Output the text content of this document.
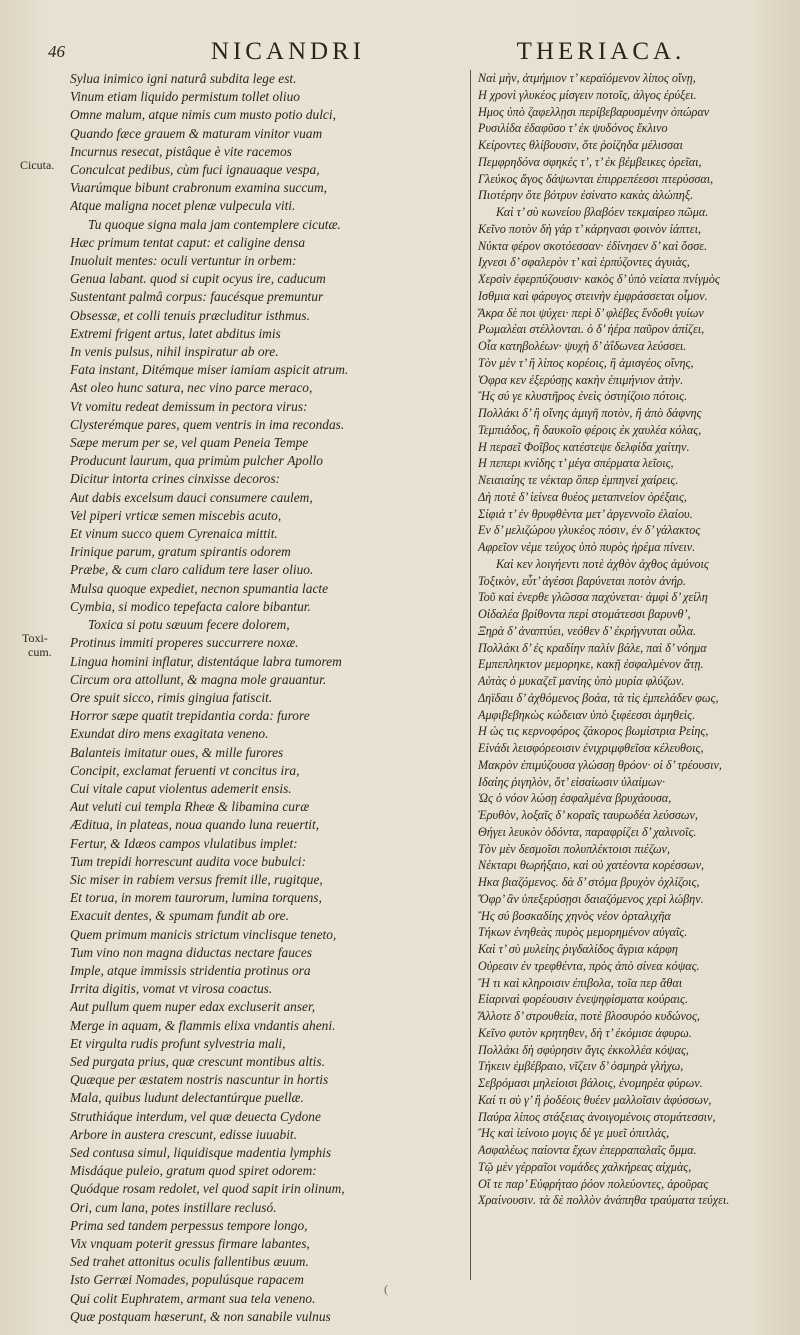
46	NICANDRI	THERIACA.
Cicuta.
Toxi-
cum.
Sylua inimico igni naturâ subdita lege est.
Vinum etiam liquido permistum tollet oliuo
Omne malum, atque nimis cum musto potio dulci,
Quando fæce grauem & maturam vinitor vuam
Incurnus resecat, pistâque è vite racemos
Conculcat pedibus, cùm fuci ignauaque vespa,
Vuarúmque bibunt crabronum examina succum,
Atque maligna nocet plenæ vulpecula viti.
Tu quoque signa mala jam contemplere cicutæ.
Hæc primum tentat caput: et caligine densa
Inuoluit mentes: oculi vertuntur in orbem:
Genua labant. quod si cupit ocyus ire, caducum
Sustentant palmâ corpus: faucésque premuntur
Obsessæ, et colli tenuis præcluditur isthmus.
Extremi frigent artus, latet abditus imis
In venis pulsus, nihil inspiratur ab ore.
Fata instant, Ditémque miser iamiam aspicit atrum.
Ast oleo hunc satura, nec vino parce meraco,
Vt vomitu redeat demissum in pectora virus:
Clysterémque pares, quem ventris in ima recondas.
Sæpe merum per se, vel quam Peneia Tempe
Producunt laurum, qua primùm pulcher Apollo
Dicitur intorta crines cinxisse decoros:
Aut dabis excelsum dauci consumere caulem,
Vel piperi vrticæ semen miscebis acuto,
Et vinum succo quem Cyrenaica mittit.
Irinique parum, gratum spirantis odorem
Præbe, & cum claro calidum tere laser oliuo.
Mulsa quoque expediet, necnon spumantia lacte
Cymbia, si modico tepefacta calore bibantur.
Toxica si potu sæuum fecere dolorem,
Protinus immiti properes succurrere noxæ.
Lingua homini inflatur, distentáque labra tumorem
Circum ora attollunt, & magna mole grauantur.
Ore spuit sicco, rimis gingiua fatiscit.
Horror sæpe quatit trepidantia corda: furore
Exundat diro mens exagitata veneno.
Balanteis imitatur oues, & mille furores
Concipit, exclamat feruenti vt concitus ira,
Cui vitale caput violentus ademerit ensis.
Aut veluti cui templa Rheæ & libamina curæ
Æditua, in plateas, noua quando luna reuertit,
Fertur, & Idæos campos vlulatibus implet:
Tum trepidi horrescunt audita voce bubulci:
Sic miser in rabiem versus fremit ille, rugitque,
Et torua, in morem taurorum, lumina torquens,
Exacuit dentes, & spumam fundit ab ore.
Quem primum manicis strictum vinclisque teneto,
Tum vino non magna diductas nectare fauces
Imple, atque immissis stridentia protinus ora
Irrita digitis, vomat vt virosa coactus.
Aut pullum quem nuper edax excluserit anser,
Merge in aquam, & flammis elixa vndantis aheni.
Et virgulta rudis profunt sylvestria mali,
Sed purgata prius, quæ crescunt montibus altis.
Quæque per æstatem nostris nascuntur in hortis
Mala, quibus ludunt delectantúrque puellæ.
Struthiáque interdum, vel quæ deuecta Cydone
Arbore in austera crescunt, edisse iuuabit.
Sed contusa simul, liquidisque madentia lymphis
Misdáque puleio, gratum quod spiret odorem:
Quódque rosam redolet, vel quod sapit irin olinum,
Ori, cum lana, potes instillare reclusó.
Prima sed tandem perpessus tempore longo,
Vix vnquam poterit gressus firmare labantes,
Sed trahet attonitus oculis fallentibus æuum.
Isto Gerræi Nomades, populúsque rapacem
Qui colit Euphratem, armant sua tela veneno.
Quæ postquam hæserunt, & non sanabile vulnus
Ναὶ μὴν, ἀτμήμιον τ’ κεραϊόμενον λίπος οἴνῃ,
Η χρονὶ γλυκέος μίσγειν ποτοῖς, ἀλγος ἐρύξει.
Ημος ὑπὸ ζαφελλῃσι περίβεβαρυσμένην ὀπώραν
Ρυσιλίδα ἐδαφῦσο τ’ ἐκ ψυδόνος ἔκλινο
Κείροντες θλίβουσιν, ὅτε ῥοίζηδα μέλισσαι
Πεμφρηδόνα σφηκές τ’, τ’ ἐκ βέμβεικες ὀρεῖαι,
Γλεύκος ἄγος δάψωνται ἐπιρρεπέεσσι πτερύσσαι,
Πιοτέρην ὅτε βότρυν ἐσίνατο κακὰς ἀλώπηξ.
Καὶ τ’ σὺ κωνείου βλαβόεν τεκμαίρεο πῶμα.
Κεῖνο ποτὸν δὴ γάρ τ’ κάρηνασι φοινὸν ἰάπτει,
Νύκτα φέρον σκοτόεσσαν· ἐδίνησεν δ’ καὶ ὄσσε.
Ιχνεσι δ’ σφαλερὸν τ’ καὶ ἑρπύζοντες ἀγυιὰς,
Χερσὶν ἐφερπύζουσιν· κακὸς δ’ ὑπὸ νείατα πνίγμὸς
Ισθμια καὶ φάρυγος στεινὴν ἐμφράσσεται οἶμον.
Ἄκρα δὲ ποι ψύχει· περὶ δ’ φλέβες ἔνδοθι γυίων
Ρωμαλέαι στέλλονται. ὁ δ’ ἠέρα παῦρον ἀπίζει,
Οἷα κατηβολέων· ψυχὴ δ’ ἀΐδωνεα λεύσσει.
Τὸν μὲν τ’ ἢ λίπος κορέοις, ἢ ἀμισγέος οἴνης,
Ὀφρα κεν ἐξερύσῃς κακὴν ἐπιμήνιον ἀτὴν.
Ἢς σύ γε κλυστῆρος ἐνεὶς ὀστηίζοιο πότοις.
Πολλάκι δ’ ἢ οἴνης ἀμιγῆ ποτὸν, ἢ ἀπὸ δάφνης
Τεμπιάδος, ἢ δαυκοῖο φέροις ἐκ χαυλέα κόλας,
Η περσεῖ Φοῖβος κατέστεψε δελφίδα χαίτην.
Η πεπερι κνίδης τ’ μέγα σπέρματα λεῖοις,
Νειαιαίης τε νέκταρ ὅπερ ἐμπηνεὶ χαίρεις.
Δὴ ποτὲ δ’ ἰείνεα θυέος μεταπνείον ὀρέξαις,
Σίφιά τ’ ἐν θρυφθέντα μετ’ ἀργεννοῖο ἐλαίου.
Εν δ’ μελιζώρου γλυκέος πόσιν, ἐν δ’ γάλακτος
Αφρεῖον νέμε τεύχος ὑπὸ πυρὸς ἠρέμα πίνειν.
Καὶ κεν λοιγήεντι ποτὲ ἀχθὸν ἀχθος ἀμύνοις
Τοξικὸν, εὖτ’ ἀγέσσι βαρύνεται ποτὸν ἀνήρ.
Τοῦ καὶ ἐνερθε γλῶσσα παχύνεται· ἀμφὶ δ’ χείλη
Οἰδαλέα βρίθοντα περὶ στομάτεσσι βαρυνθ’,
Ξηρὰ δ’ ἀναπτύει, νεόθεν δ’ ἐκρήγνυται οὖλα.
Πολλάκι δ’ ἐς κραδίην παλίν βάλε, παὶ δ’ νόημα
Εμπεπληκτον μεμορηκε, κακῇ ἐσφαλμένον ἄτῃ.
Αὐτὰς ὁ μυκαζεῖ μανίης ὑπὸ μυρία φλύζων.
Δηϊδαιι δ’ ἀχθόμενος βοάα, τὰ τὶς ἐμπελάδεν φως,
Αμφιβεβηκὼς κώδειαν ὑπὸ ξιφέεσσι ἀμηθεὶς.
Η ὡς τις κερνοφόρος ζάκορος βωμίστρια Ρείης,
Εἰνάδι λεισφόρεοισιν ἐνιχριμφθεῖσα κέλευθοις,
Μακρὸν ἐπιμύζουσα γλώσσῃ θρόον· οἱ δ’ τρέουσιν,
Ιδαίης ῥιγηλὸν, ὅτ’ εἰσαίωσιν ὑλαίμων·
Ὡς ὁ νόον λώσῃ ἐσφαλμένα βρυχάουσα,
Ἐρυθὸν, λοξαῖς δ’ κοραῖς ταυρωδέα λεύσσων,
Θήγει λευκὸν ὀδόντα, παραφρίζει δ’ χαλινοῖς.
Τὸν μὲν δεσμοῖσι πολυπλέκτοισι πιέζων,
Νέκταρι θωρήξαιο, καὶ οὐ χατέοντα κορέσσων,
Ηκα βιαζόμενος. δὰ δ’ στόμα βρυχὸν ὀχλίζοις,
Ὄφρ’ ἂν ὑπεξερύσῃσι δαιαζόμενος χερὶ λώβην.
Ἢς σύ βοσκαδίης χηνὸς νέον ὀρταλιχῆα
Τήκων ἐνηθεὰς πυρὸς μεμορημένον αὐγαῖς.
Καὶ τ’ σὺ μυλείης ῥιγδαλίδος ἄγρια κάρφη
Οὐρεσιν ἐν τρεφθέντα, πρὸς ἀπὸ σίνεα κόψας.
Ἢ τι καὶ κληροισιν ἐπιβολα, τοῖα περ ἄθαι
Εἰαριναὶ φορέουσιν ἐνεψηφίσματα κούραις.
Ἄλλοτε δ’ στρουθεία, ποτὲ βλοσυρόο κυδώνος,
Κεῖνο φυτὸν κρητηθεν, δὴ τ’ ἐκόμισε ἀφυρω.
Πολλάκι δὴ σφύρησιν ἄγις ἐκκολλέα κόψας,
Τήκειν ἐμβέβραιο, νῖζειν δ’ ὁσμηρὰ γλήχω,
Σεβρόμασι μηλείοισι βάλοις, ἐνομηρέα φύρων.
Καί τι σὺ γ’ ἢ ῥοδέοις θυέεν μαλλοῖσιν ἀφύσσων,
Παύρα λίπος στάξειας ἀνοιγομένοις στομάτεσσιν,
Ἢς καὶ ἰείνοιο μογις δέ γε μυεῖ ὀπιτλάς,
Ασφαλέως παίοντα ἔχων ἐπερραπαλαῖς ὄμμα.
Τῷ μὲν γέρραῖοι νομάδες χαλκήρεας αἰχμὰς,
Οἵ τε παρ’ Εὐφρήταο ῥόον πολεύοντες, ἀροῦρας
Χραίνουσιν. τὰ δὲ πολλὸν ἀνάπηθα τραύματα τεύχει.
(
